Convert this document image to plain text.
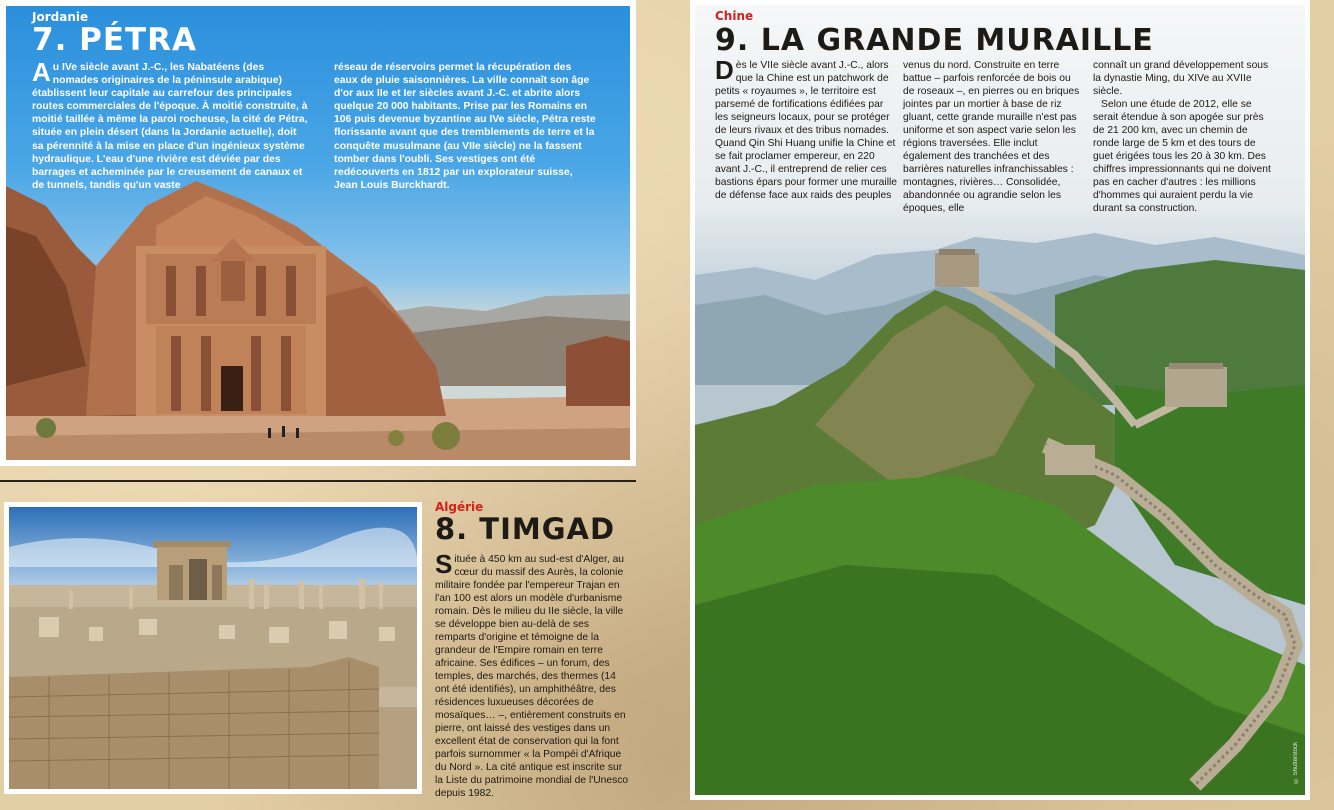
Jordanie
7. PÉTRA
Au IVe siècle avant J.-C., les Nabatéens (des nomades originaires de la péninsule arabique) établissent leur capitale au carrefour des principales routes commerciales de l'époque. À moitié construite, à moitié taillée à même la paroi rocheuse, la cité de Pétra, située en plein désert (dans la Jordanie actuelle), doit sa pérennité à la mise en place d'un ingénieux système hydraulique. L'eau d'une rivière est déviée par des barrages et acheminée par le creusement de canaux et de tunnels, tandis qu'un vaste
réseau de réservoirs permet la récupération des eaux de pluie saisonnières. La ville connaît son âge d'or aux IIe et Ier siècles avant J.-C. et abrite alors quelque 20 000 habitants. Prise par les Romains en 106 puis devenue byzantine au IVe siècle, Pétra reste florissante avant que des tremblements de terre et la conquête musulmane (au VIIe siècle) ne la fassent tomber dans l'oubli. Ses vestiges ont été redécouverts en 1812 par un explorateur suisse, Jean Louis Burckhardt.
Algérie
8. TIMGAD
Située à 450 km au sud-est d'Alger, au cœur du massif des Aurès, la colonie militaire fondée par l'empereur Trajan en l'an 100 est alors un modèle d'urbanisme romain. Dès le milieu du IIe siècle, la ville se développe bien au-delà de ses remparts d'origine et témoigne de la grandeur de l'Empire romain en terre africaine. Ses édifices – un forum, des temples, des marchés, des thermes (14 ont été identifiés), un amphithéâtre, des résidences luxueuses décorées de mosaïques… –, entièrement construits en pierre, ont laissé des vestiges dans un excellent état de conservation qui la font parfois surnommer « la Pompéi d'Afrique du Nord ». La cité antique est inscrite sur la Liste du patrimoine mondial de l'Unesco depuis 1982.
Chine
9. LA GRANDE MURAILLE
Dès le VIIe siècle avant J.-C., alors que la Chine est un patchwork de petits « royaumes », le territoire est parsemé de fortifications édifiées par les seigneurs locaux, pour se protéger de leurs rivaux et des tribus nomades. Quand Qin Shi Huang unifie la Chine et se fait proclamer empereur, en 220 avant J.-C., il entreprend de relier ces bastions épars pour former une muraille de défense face aux raids des peuples
venus du nord. Construite en terre battue – parfois renforcée de bois ou de roseaux –, en pierres ou en briques jointes par un mortier à base de riz gluant, cette grande muraille n'est pas uniforme et son aspect varie selon les régions traversées. Elle inclut également des tranchées et des barrières naturelles infranchissables : montagnes, rivières… Consolidée, abandonnée ou agrandie selon les époques, elle
connaît un grand développement sous la dynastie Ming, du XIVe au XVIIe siècle.
Selon une étude de 2012, elle se serait étendue à son apogée sur près de 21 200 km, avec un chemin de ronde large de 5 km et des tours de guet érigées tous les 20 à 30 km. Des chiffres impressionnants qui ne doivent pas en cacher d'autres : les millions d'hommes qui auraient perdu la vie durant sa construction.
© Shutterstock
